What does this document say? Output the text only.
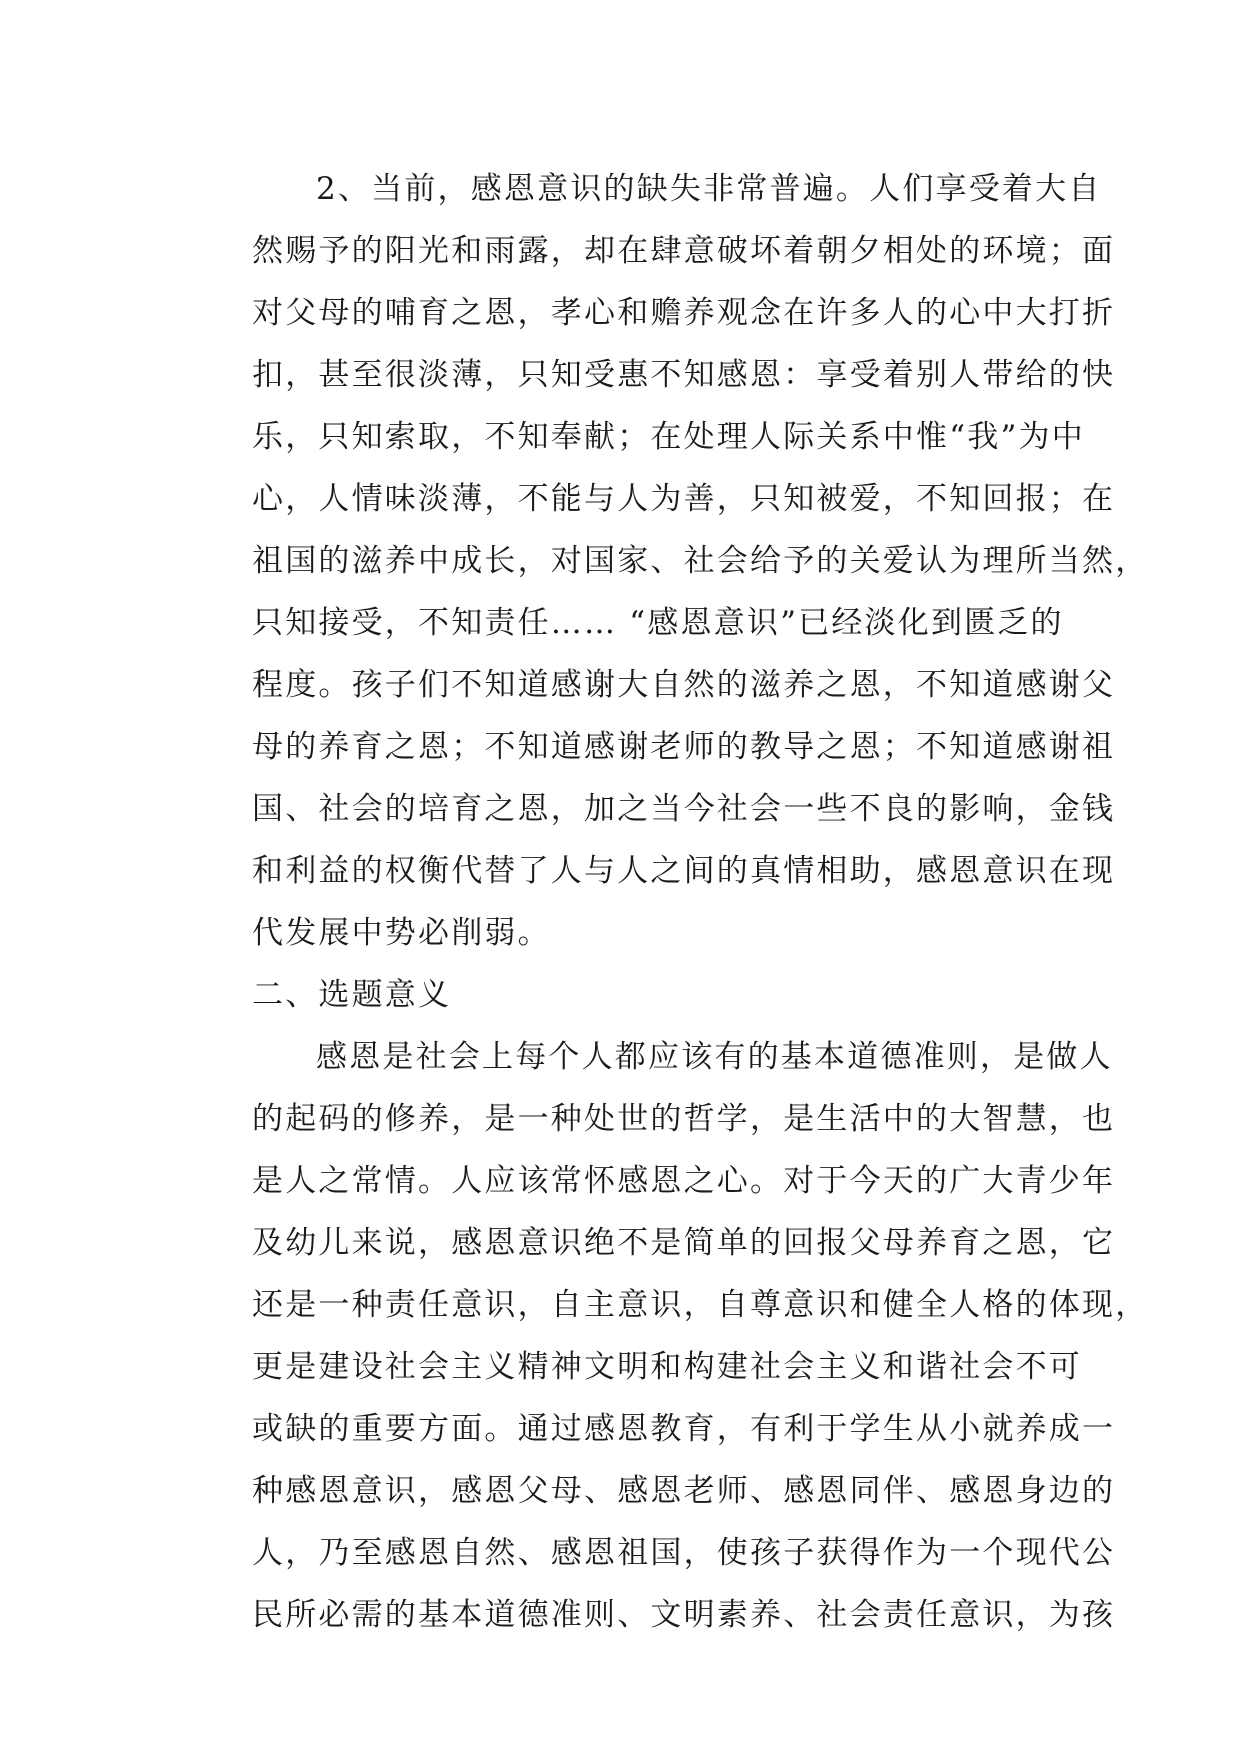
2、当前，感恩意识的缺失非常普遍。人们享受着大自
然赐予的阳光和雨露，却在肆意破坏着朝夕相处的环境；面
对父母的哺育之恩，孝心和赡养观念在许多人的心中大打折
扣，甚至很淡薄，只知受惠不知感恩：享受着别人带给的快
乐，只知索取，不知奉献；在处理人际关系中惟“我”为中
心，人情味淡薄，不能与人为善，只知被爱，不知回报；在
祖国的滋养中成长，对国家、社会给予的关爱认为理所当然，
只知接受，不知责任…… “感恩意识”已经淡化到匮乏的
程度。孩子们不知道感谢大自然的滋养之恩，不知道感谢父
母的养育之恩；不知道感谢老师的教导之恩；不知道感谢祖
国、社会的培育之恩，加之当今社会一些不良的影响，金钱
和利益的权衡代替了人与人之间的真情相助，感恩意识在现
代发展中势必削弱。
二、选题意义
感恩是社会上每个人都应该有的基本道德准则，是做人
的起码的修养，是一种处世的哲学，是生活中的大智慧，也
是人之常情。人应该常怀感恩之心。对于今天的广大青少年
及幼儿来说，感恩意识绝不是简单的回报父母养育之恩，它
还是一种责任意识，自主意识，自尊意识和健全人格的体现，
更是建设社会主义精神文明和构建社会主义和谐社会不可
或缺的重要方面。通过感恩教育，有利于学生从小就养成一
种感恩意识，感恩父母、感恩老师、感恩同伴、感恩身边的
人，乃至感恩自然、感恩祖国，使孩子获得作为一个现代公
民所必需的基本道德准则、文明素养、社会责任意识，为孩
